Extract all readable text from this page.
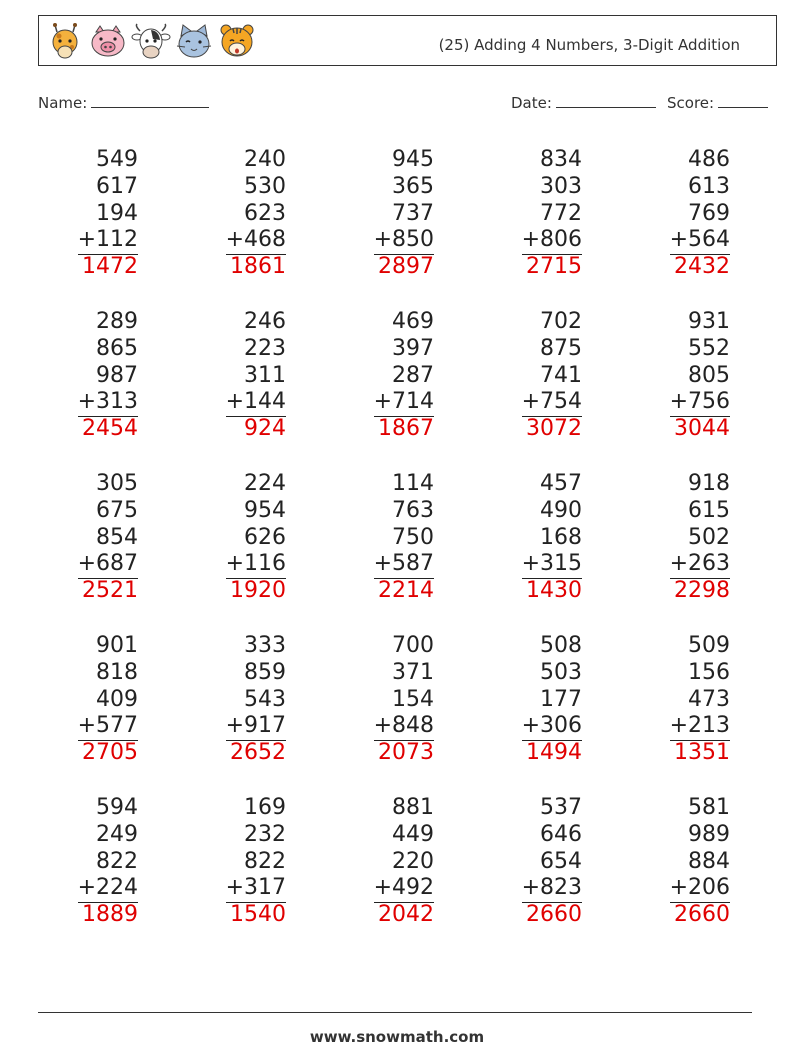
(25) Adding 4 Numbers, 3-Digit Addition
Name:	Date:	Score:
549
617
194
+112
1472
240
530
623
+468
1861
945
365
737
+850
2897
834
303
772
+806
2715
486
613
769
+564
2432
289
865
987
+313
2454
246
223
311
+144
924
469
397
287
+714
1867
702
875
741
+754
3072
931
552
805
+756
3044
305
675
854
+687
2521
224
954
626
+116
1920
114
763
750
+587
2214
457
490
168
+315
1430
918
615
502
+263
2298
901
818
409
+577
2705
333
859
543
+917
2652
700
371
154
+848
2073
508
503
177
+306
1494
509
156
473
+213
1351
594
249
822
+224
1889
169
232
822
+317
1540
881
449
220
+492
2042
537
646
654
+823
2660
581
989
884
+206
2660
www.snowmath.com
